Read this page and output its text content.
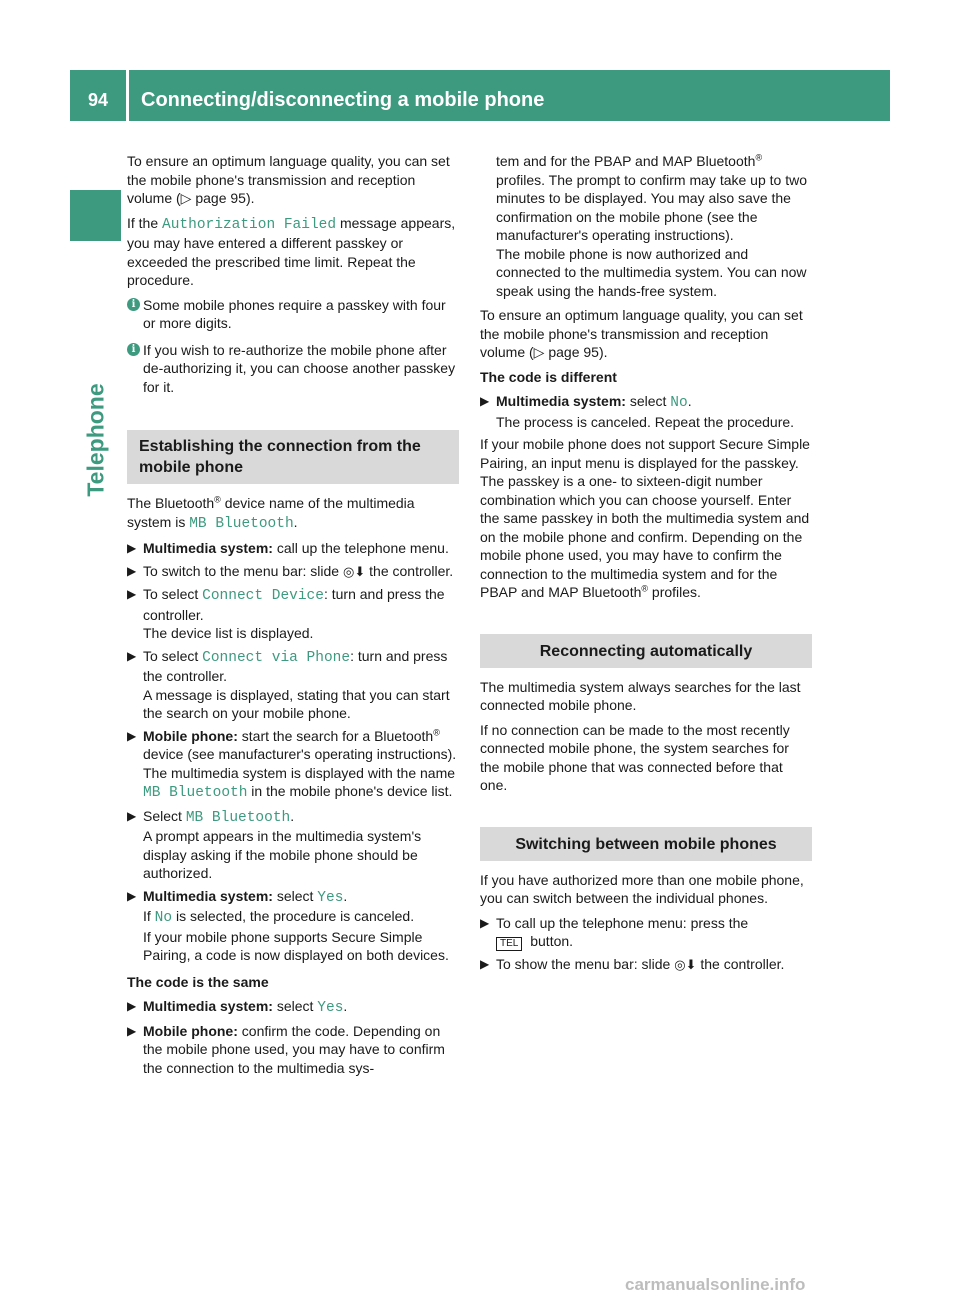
94	Connecting/disconnecting a mobile phone
Telephone

To ensure an optimum language quality, you can set the mobile phone's transmission and reception volume (▷ page 95).

If the Authorization Failed message appears, you may have entered a different passkey or exceeded the prescribed time limit. Repeat the procedure.

i Some mobile phones require a passkey with four or more digits.
i If you wish to re-authorize the mobile phone after de-authorizing it, you can choose another passkey for it.
Establishing the connection from the mobile phone

The Bluetooth® device name of the multimedia system is MB Bluetooth.

▶ Multimedia system: call up the telephone menu.
▶ To switch to the menu bar: slide ◎⬇ the controller.
▶ To select Connect Device: turn and press the controller.
The device list is displayed.
▶ To select Connect via Phone: turn and press the controller.
A message is displayed, stating that you can start the search on your mobile phone.
▶ Mobile phone: start the search for a Bluetooth® device (see manufacturer's operating instructions).
The multimedia system is displayed with the name MB Bluetooth in the mobile phone's device list.
▶ Select MB Bluetooth.
A prompt appears in the multimedia system's display asking if the mobile phone should be authorized.
▶ Multimedia system: select Yes.
If No is selected, the procedure is canceled.
If your mobile phone supports Secure Simple Pairing, a code is now displayed on both devices.

The code is the same

▶ Multimedia system: select Yes.
▶ Mobile phone: confirm the code. Depending on the mobile phone used, you may have to confirm the connection to the multimedia sys-

tem and for the PBAP and MAP Bluetooth® profiles. The prompt to confirm may take up to two minutes to be displayed. You may also save the confirmation on the mobile phone (see the manufacturer's operating instructions).
The mobile phone is now authorized and connected to the multimedia system. You can now speak using the hands-free system.

To ensure an optimum language quality, you can set the mobile phone's transmission and reception volume (▷ page 95).

The code is different

▶ Multimedia system: select No.
The process is canceled. Repeat the procedure.

If your mobile phone does not support Secure Simple Pairing, an input menu is displayed for the passkey. The passkey is a one- to sixteen-digit number combination which you can choose yourself. Enter the same passkey in both the multimedia system and on the mobile phone and confirm. Depending on the mobile phone used, you may have to confirm the connection to the multimedia system and for the PBAP and MAP Bluetooth® profiles.

Reconnecting automatically

The multimedia system always searches for the last connected mobile phone.

If no connection can be made to the most recently connected mobile phone, the system searches for the mobile phone that was connected before that one.

Switching between mobile phones

If you have authorized more than one mobile phone, you can switch between the individual phones.

▶ To call up the telephone menu: press the
TEL button.
▶ To show the menu bar: slide ◎⬇ the controller.
carmanualsonline.info
